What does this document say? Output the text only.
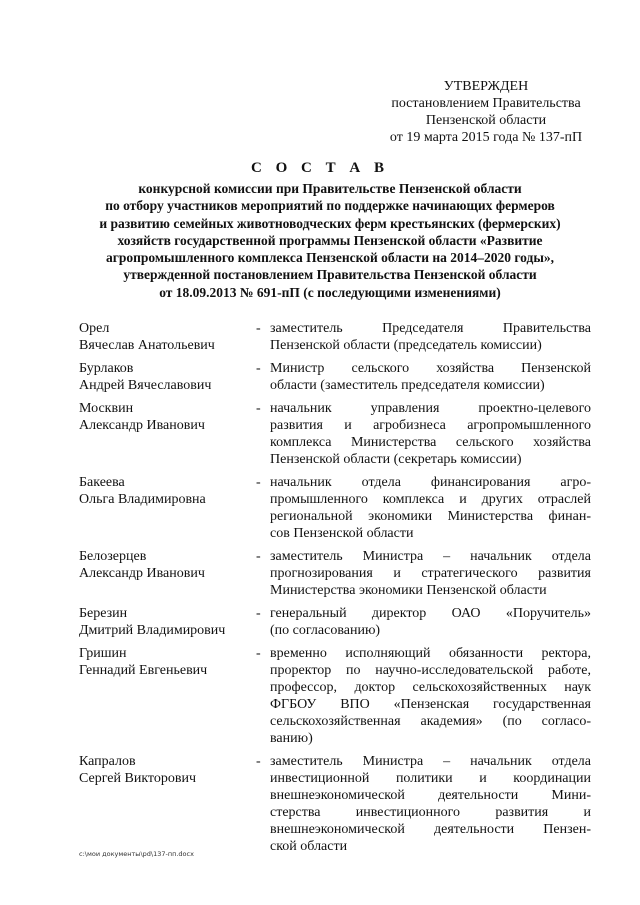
УТВЕРЖДЕН
постановлением Правительства
Пензенской области
от 19 марта 2015 года № 137-пП
С О С Т А В
конкурсной комиссии при Правительстве Пензенской области
по отбору участников мероприятий по поддержке начинающих фермеров
и развитию семейных животноводческих ферм крестьянских (фермерских)
хозяйств государственной программы Пензенской области «Развитие
агропромышленного комплекса Пензенской области на 2014–2020 годы»,
утвержденной постановлением Правительства Пензенской области
от 18.09.2013 № 691-пП (с последующими изменениями)
Орел
Вячеслав Анатольевич
- заместитель Председателя Правительства
Пензенской области (председатель комиссии)
Бурлаков
Андрей Вячеславович
- Министр сельского хозяйства Пензенской
области (заместитель председателя комиссии)
Москвин
Александр Иванович
- начальник управления проектно-целевого
развития и агробизнеса агропромышленного
комплекса Министерства сельского хозяйства
Пензенской области (секретарь комиссии)
Бакеева
Ольга Владимировна
- начальник отдела финансирования агро-
промышленного комплекса и других отраслей
региональной экономики Министерства финан-
сов Пензенской области
Белозерцев
Александр Иванович
- заместитель Министра – начальник отдела
прогнозирования и стратегического развития
Министерства экономики Пензенской области
Березин
Дмитрий Владимирович
- генеральный директор ОАО «Поручитель»
(по согласованию)
Гришин
Геннадий Евгеньевич
- временно исполняющий обязанности ректора,
проректор по научно-исследовательской работе,
профессор, доктор сельскохозяйственных наук
ФГБОУ ВПО «Пензенская государственная
сельскохозяйственная академия» (по согласо-
ванию)
Капралов
Сергей Викторович
- заместитель Министра – начальник отдела
инвестиционной политики и координации
внешнеэкономической деятельности Мини-
стерства инвестиционного развития и
внешнеэкономической деятельности Пензен-
ской области
c:\мои документы\pd\137-пп.docx
